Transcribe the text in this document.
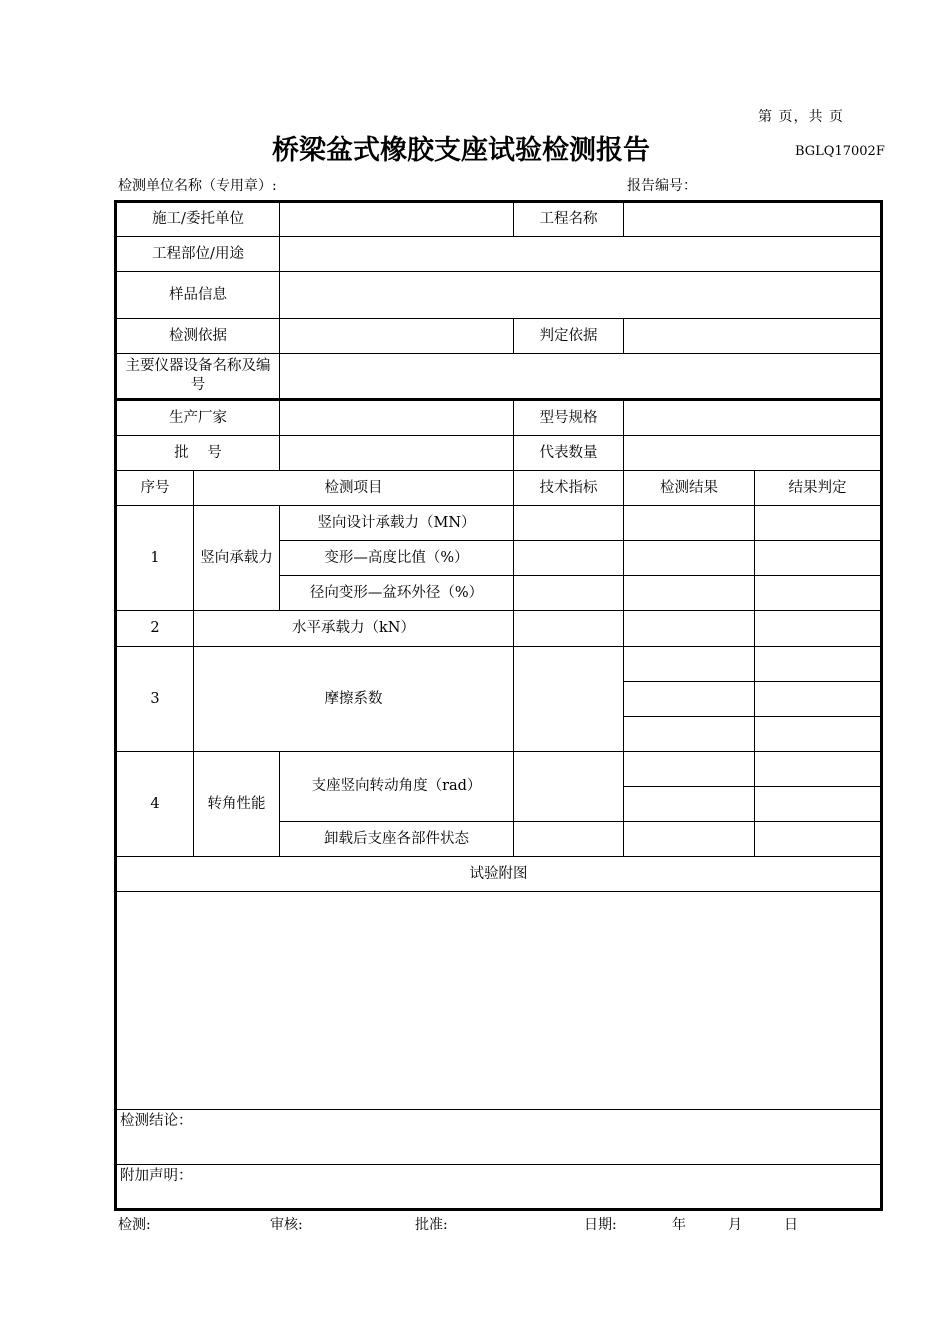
第 页，共 页
桥梁盆式橡胶支座试验检测报告	BGLQ17002F
检测单位名称（专用章）:	报告编号：
施工/委托单位			工程名称		
工程部位/用途					
样品信息					
检测依据			判定依据		
主要仪器设备名称及编号					
生产厂家			型号规格		
批    号			代表数量		
序号	检测项目		技术指标	检测结果	结果判定
1	竖向承载力	竖向设计承载力（MN）			
		变形—高度比值（%）			
		径向变形—盆环外径（%）			
2	水平承载力（kN）				
3	摩擦系数				

4	转角性能	支座竖向转动角度（rad）			

		卸载后支座各部件状态			
试验附图					

检测结论：					
附加声明：					
检测:	审核:	批准:	日期:	年	月	日
